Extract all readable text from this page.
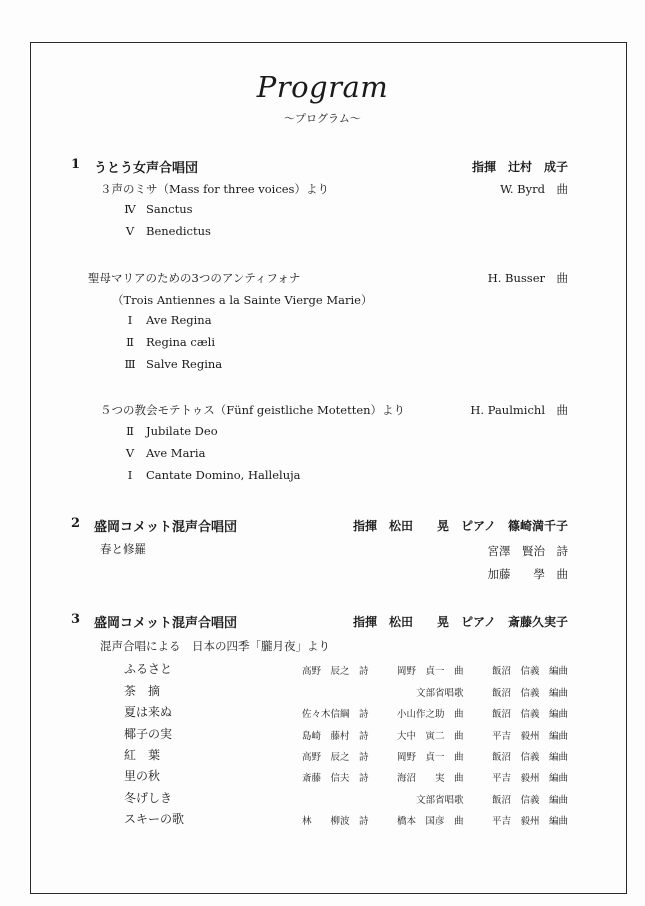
Program
～プログラム～
1 うとう女声合唱団	指揮　辻村　成子
３声のミサ（Mass for three voices）より	W. Byrd　曲
Ⅳ Sanctus
Ⅴ	Benedictus
聖母マリアのための3つのアンティフォナ	H. Busser　曲
（Trois Antiennes a la Sainte Vierge Marie）
Ⅰ	Ave Regina
Ⅱ	Regina cæli
Ⅲ Salve Regina
５つの教会モテトゥス（Fünf geistliche Motetten）より	H. Paulmichl　曲
Ⅱ	Jubilate Deo
Ⅴ	Ave Maria
Ⅰ	Cantate Domino, Halleluja
2 盛岡コメット混声合唱団	指揮　松田　　晃　ピアノ　篠崎満千子
春と修羅	宮澤　賢治　詩
加藤　　學　曲
3 盛岡コメット混声合唱団	指揮　松田　　晃　ピアノ　斎藤久実子
混声合唱による　日本の四季「朧月夜」より
ふるさと	高野　辰之　詩　　　岡野　貞一　曲　　　飯沼　信義　編曲
茶　摘	文部省唱歌　　　飯沼　信義　編曲
夏は来ぬ	佐々木信綱　詩　　　小山作之助　曲　　　飯沼　信義　編曲
椰子の実	島崎　藤村　詩　　　大中　寅二　曲　　　平吉　毅州　編曲
紅　葉	高野　辰之　詩　　　岡野　貞一　曲　　　飯沼　信義　編曲
里の秋	斎藤　信夫　詩　　　海沼　　実　曲　　　平吉　毅州　編曲
冬げしき	文部省唱歌　　　飯沼　信義　編曲
スキーの歌	林　　柳波　詩　　　橋本　国彦　曲　　　平吉　毅州　編曲
